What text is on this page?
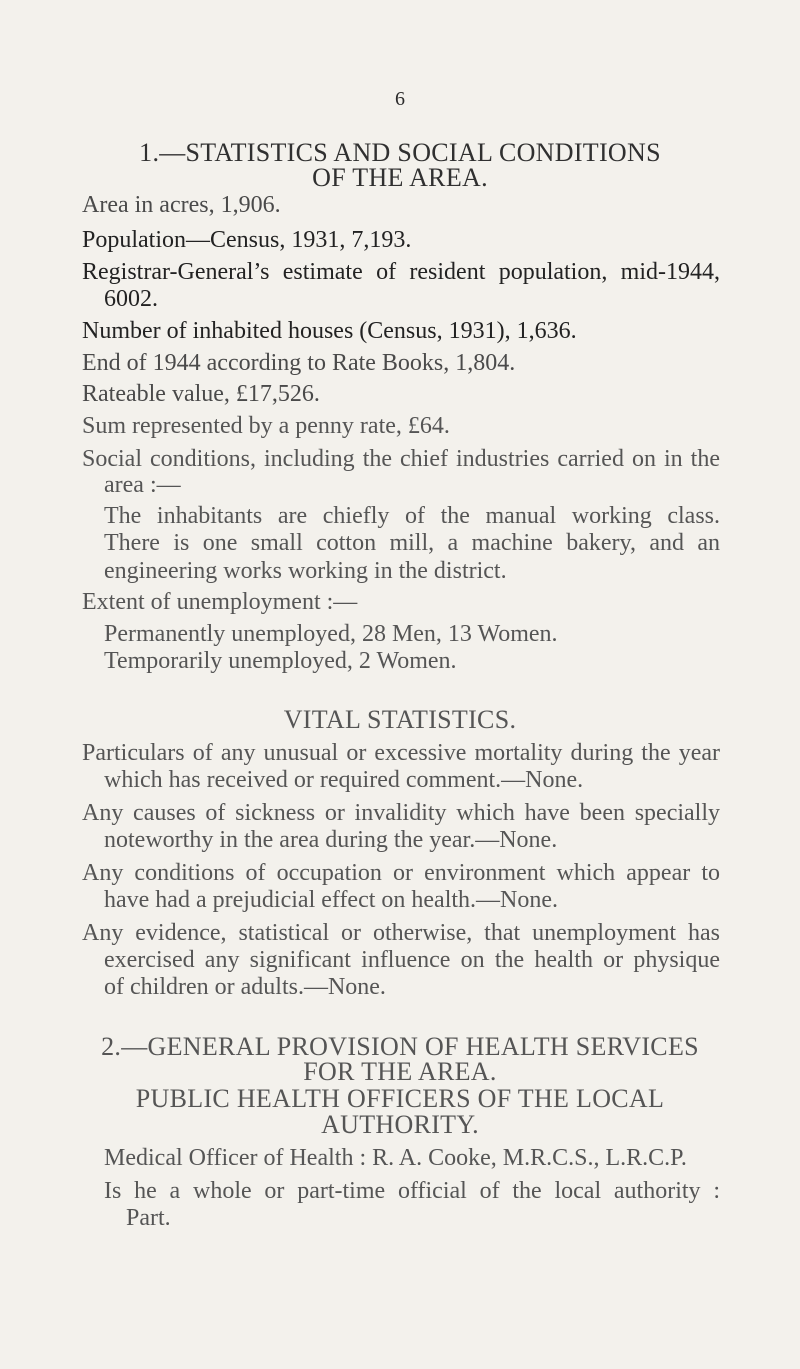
6
1.—STATISTICS AND SOCIAL CONDITIONS
OF THE AREA.
Area in acres, 1,906.
Population—Census, 1931, 7,193.
Registrar-General’s estimate of resident population, mid-1944,
6002.
Number of inhabited houses (Census, 1931), 1,636.
End of 1944 according to Rate Books, 1,804.
Rateable value, £17,526.
Sum represented by a penny rate, £64.
Social conditions, including the chief industries carried on in the
area :—
The inhabitants are chiefly of the manual working class.
There is one small cotton mill, a machine bakery, and an
engineering works working in the district.
Extent of unemployment :—
Permanently unemployed, 28 Men, 13 Women.
Temporarily unemployed, 2 Women.
VITAL STATISTICS.
Particulars of any unusual or excessive mortality during the year
which has received or required comment.—None.
Any causes of sickness or invalidity which have been specially
noteworthy in the area during the year.—None.
Any conditions of occupation or environment which appear to
have had a prejudicial effect on health.—None.
Any evidence, statistical or otherwise, that unemployment has
exercised any significant influence on the health or physique
of children or adults.—None.
2.—GENERAL PROVISION OF HEALTH SERVICES
FOR THE AREA.
PUBLIC HEALTH OFFICERS OF THE LOCAL
AUTHORITY.
Medical Officer of Health : R. A. Cooke, M.R.C.S., L.R.C.P.
Is he a whole or part-time official of the local authority :
Part.
